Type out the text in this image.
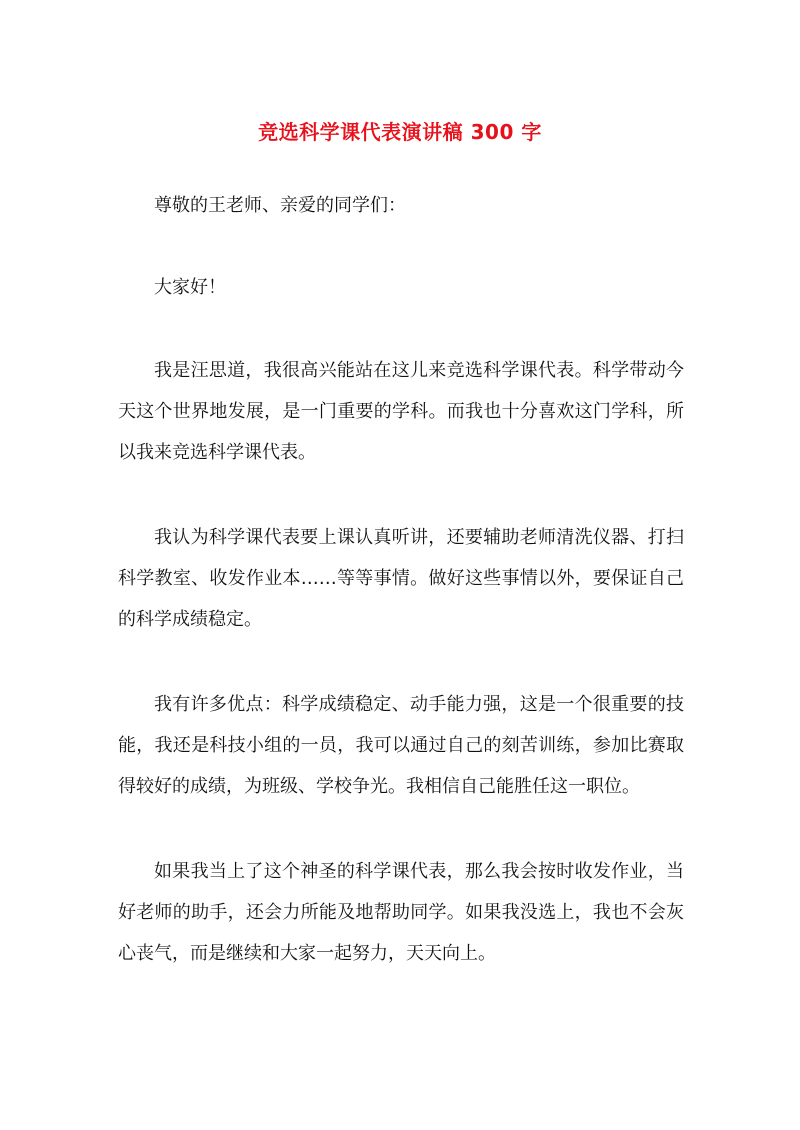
竞选科学课代表演讲稿 300 字

尊敬的王老师、亲爱的同学们：

大家好！

我是汪思道，我很高兴能站在这儿来竞选科学课代表。科学带动今天这个世界地发展，是一门重要的学科。而我也十分喜欢这门学科，所以我来竞选科学课代表。

我认为科学课代表要上课认真听讲，还要辅助老师清洗仪器、打扫科学教室、收发作业本……等等事情。做好这些事情以外，要保证自己的科学成绩稳定。

我有许多优点：科学成绩稳定、动手能力强，这是一个很重要的技能，我还是科技小组的一员，我可以通过自己的刻苦训练，参加比赛取得较好的成绩，为班级、学校争光。我相信自己能胜任这一职位。

如果我当上了这个神圣的科学课代表，那么我会按时收发作业，当好老师的助手，还会力所能及地帮助同学。如果我没选上，我也不会灰心丧气，而是继续和大家一起努力，天天向上。
